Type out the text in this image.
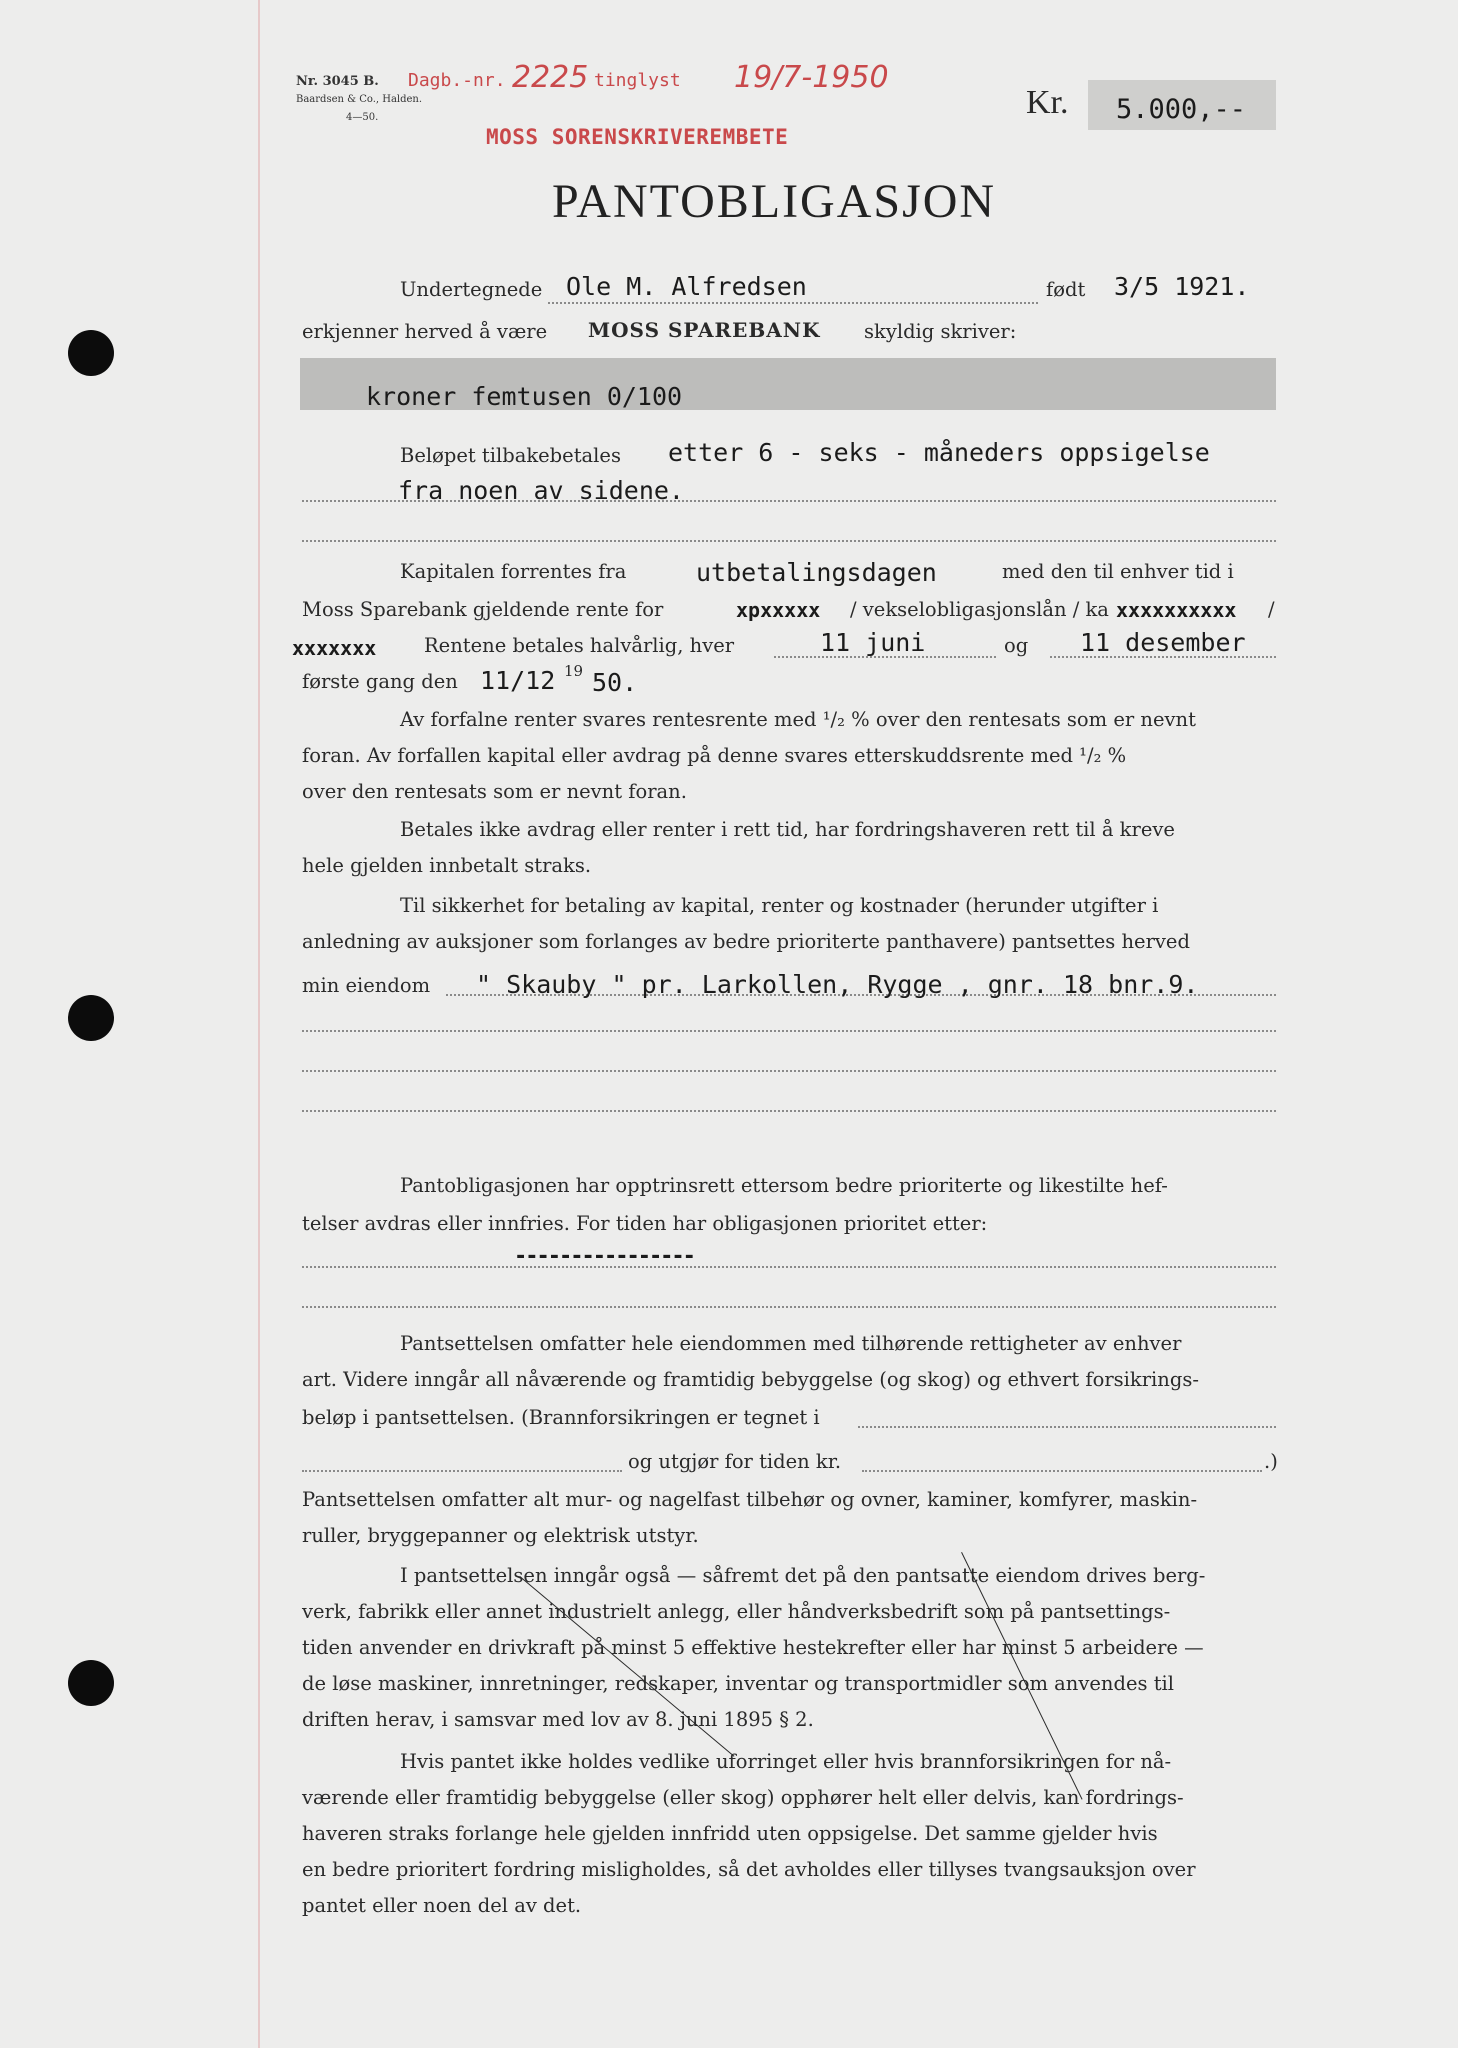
Nr. 3045 B.
Baardsen & Co., Halden.
4—50.
Dagb.-nr. 2225 tinglyst 19/7-1950
MOSS SORENSKRIVEREMBETE
Kr. 5.000,--
PANTOBLIGASJON
Undertegnede Ole M. Alfredsen	født 3/5 1921.
erkjenner herved å være MOSS SPAREBANK skyldig skriver:
kroner femtusen 0/100
Beløpet tilbakebetales etter 6 - seks - måneders oppsigelse
fra noen av sidene.
Kapitalen forrentes fra	utbetalingsdagen	med den til enhver tid i
Moss Sparebank gjeldende rente for	xpxxxxx / vekselobligasjonslån / ka xxxxxxxxxx /
xxxxxxx Rentene betales halvårlig, hver	11 juni	og 11 desember
første gang den 11/12 19 50.
Av forfalne renter svares rentesrente med ¹/₂ % over den rentesats som er nevnt
foran. Av forfallen kapital eller avdrag på denne svares etterskuddsrente med ¹/₂ %
over den rentesats som er nevnt foran.
Betales ikke avdrag eller renter i rett tid, har fordringshaveren rett til å kreve
hele gjelden innbetalt straks.
Til sikkerhet for betaling av kapital, renter og kostnader (herunder utgifter i
anledning av auksjoner som forlanges av bedre prioriterte panthavere) pantsettes herved
min eiendom " Skauby " pr. Larkollen, Rygge , gnr. 18 bnr.9.
Pantobligasjonen har opptrinsrett ettersom bedre prioriterte og likestilte hef-
telser avdras eller innfries. For tiden har obligasjonen prioritet etter:
----------------
Pantsettelsen omfatter hele eiendommen med tilhørende rettigheter av enhver
art. Videre inngår all nåværende og framtidig bebyggelse (og skog) og ethvert forsikrings-
beløp i pantsettelsen. (Brannforsikringen er tegnet i
og utgjør for tiden kr.	.)
Pantsettelsen omfatter alt mur- og nagelfast tilbehør og ovner, kaminer, komfyrer, maskin-
ruller, bryggepanner og elektrisk utstyr.
I pantsettelsen inngår også — såfremt det på den pantsatte eiendom drives berg-
verk, fabrikk eller annet industrielt anlegg, eller håndverksbedrift som på pantsettings-
tiden anvender en drivkraft på minst 5 effektive hestekrefter eller har minst 5 arbeidere —
de løse maskiner, innretninger, redskaper, inventar og transportmidler som anvendes til
driften herav, i samsvar med lov av 8. juni 1895 § 2.
Hvis pantet ikke holdes vedlike uforringet eller hvis brannforsikringen for nå-
værende eller framtidig bebyggelse (eller skog) opphører helt eller delvis, kan fordrings-
haveren straks forlange hele gjelden innfridd uten oppsigelse. Det samme gjelder hvis
en bedre prioritert fordring misligholdes, så det avholdes eller tillyses tvangsauksjon over
pantet eller noen del av det.
